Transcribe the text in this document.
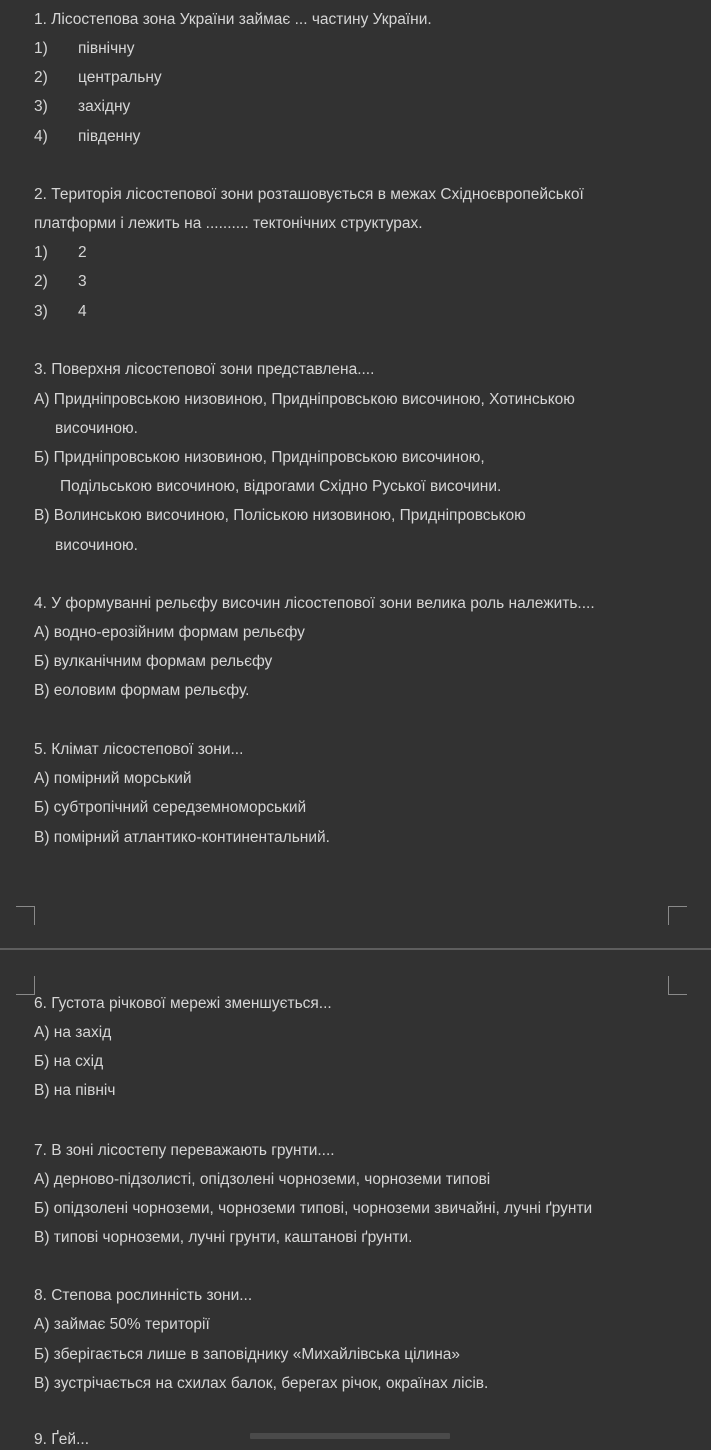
1. Лісостепова зона України займає ... частину України.
1) північну
2) центральну
3) західну
4) південну
2. Територія лісостепової зони розташовується в межах Східноєвропейської
платформи і лежить на .......... тектонічних структурах.
1) 2
2) 3
3) 4
3. Поверхня лісостепової зони представлена....
А) Придніпровською низовиною, Придніпровською височиною, Хотинською
височиною.
Б) Придніпровською низовиною, Придніпровською височиною,
Подільською височиною, відрогами Східно Руської височини.
В) Волинською височиною, Поліською низовиною, Придніпровською
височиною.
4. У формуванні рельєфу височин лісостепової зони велика роль належить....
А) водно-ерозійним формам рельєфу
Б) вулканічним формам рельєфу
В) еоловим формам рельєфу.
5. Клімат лісостепової зони...
А) помірний морський
Б) субтропічний середземноморський
В) помірний атлантико-континентальний.
6. Густота річкової мережі зменшується...
А) на захід
Б) на схід
В) на північ
7. В зоні лісостепу переважають грунти....
А) дерново-підзолисті, опідзолені чорноземи, чорноземи типові
Б) опідзолені чорноземи, чорноземи типові, чорноземи звичайні, лучні ґрунти
В) типові чорноземи, лучні грунти, каштанові ґрунти.
8. Степова рослинність зони...
А) займає 50% території
Б) зберігається лише в заповіднику «Михайлівська цілина»
В) зустрічається на схилах балок, берегах річок, окраїнах лісів.
9. Ґей...
